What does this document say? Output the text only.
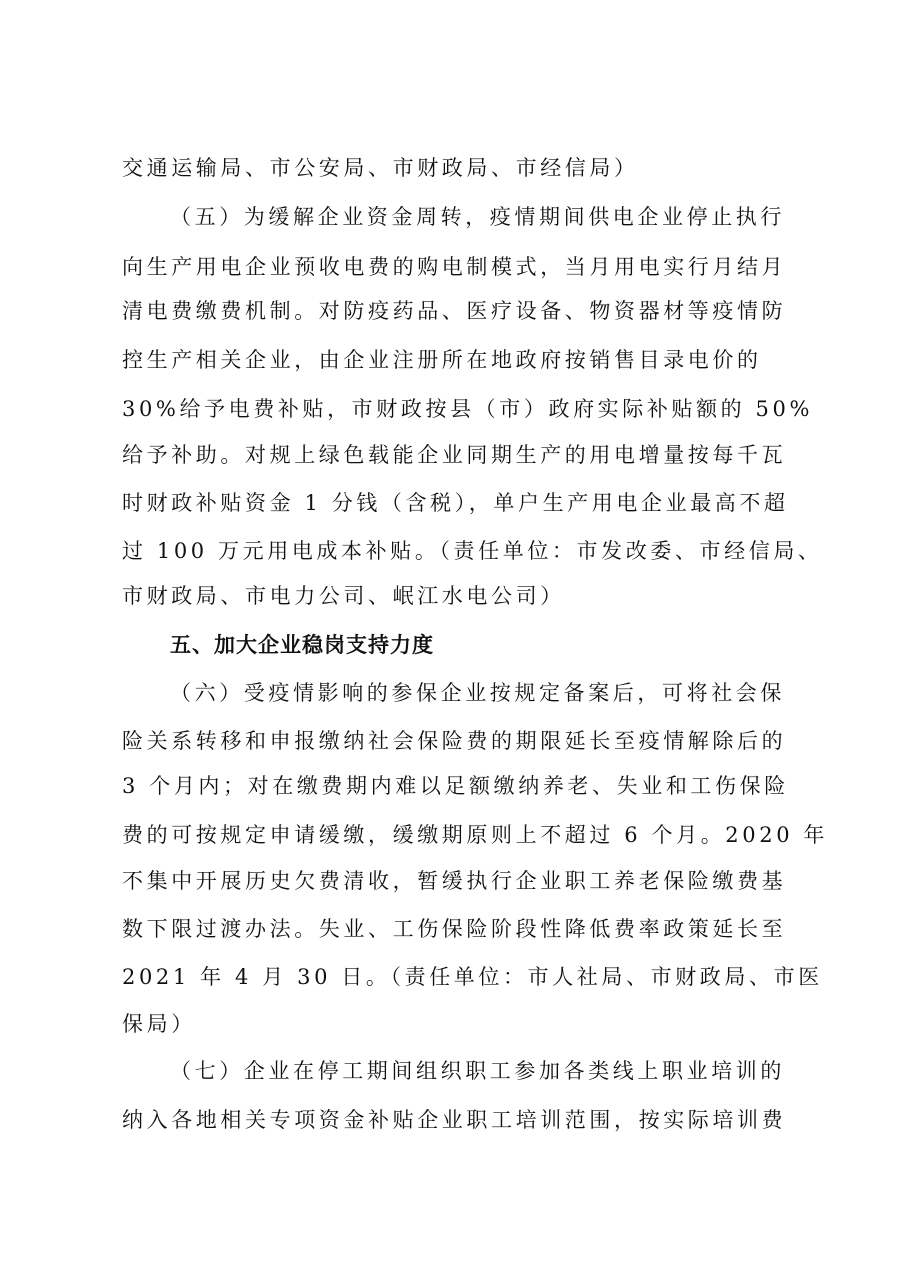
交通运输局、市公安局、市财政局、市经信局）
（五）为缓解企业资金周转，疫情期间供电企业停止执行
向生产用电企业预收电费的购电制模式，当月用电实行月结月
清电费缴费机制。对防疫药品、医疗设备、物资器材等疫情防
控生产相关企业，由企业注册所在地政府按销售目录电价的
30%给予电费补贴，市财政按县（市）政府实际补贴额的 50%
给予补助。对规上绿色载能企业同期生产的用电增量按每千瓦
时财政补贴资金 1 分钱（含税），单户生产用电企业最高不超
过 100 万元用电成本补贴。（责任单位：市发改委、市经信局、
市财政局、市电力公司、岷江水电公司）
五、加大企业稳岗支持力度
（六）受疫情影响的参保企业按规定备案后，可将社会保
险关系转移和申报缴纳社会保险费的期限延长至疫情解除后的
3 个月内；对在缴费期内难以足额缴纳养老、失业和工伤保险
费的可按规定申请缓缴，缓缴期原则上不超过 6 个月。2020 年
不集中开展历史欠费清收，暂缓执行企业职工养老保险缴费基
数下限过渡办法。失业、工伤保险阶段性降低费率政策延长至
2021 年 4 月 30 日。（责任单位：市人社局、市财政局、市医
保局）
（七）企业在停工期间组织职工参加各类线上职业培训的
纳入各地相关专项资金补贴企业职工培训范围，按实际培训费
